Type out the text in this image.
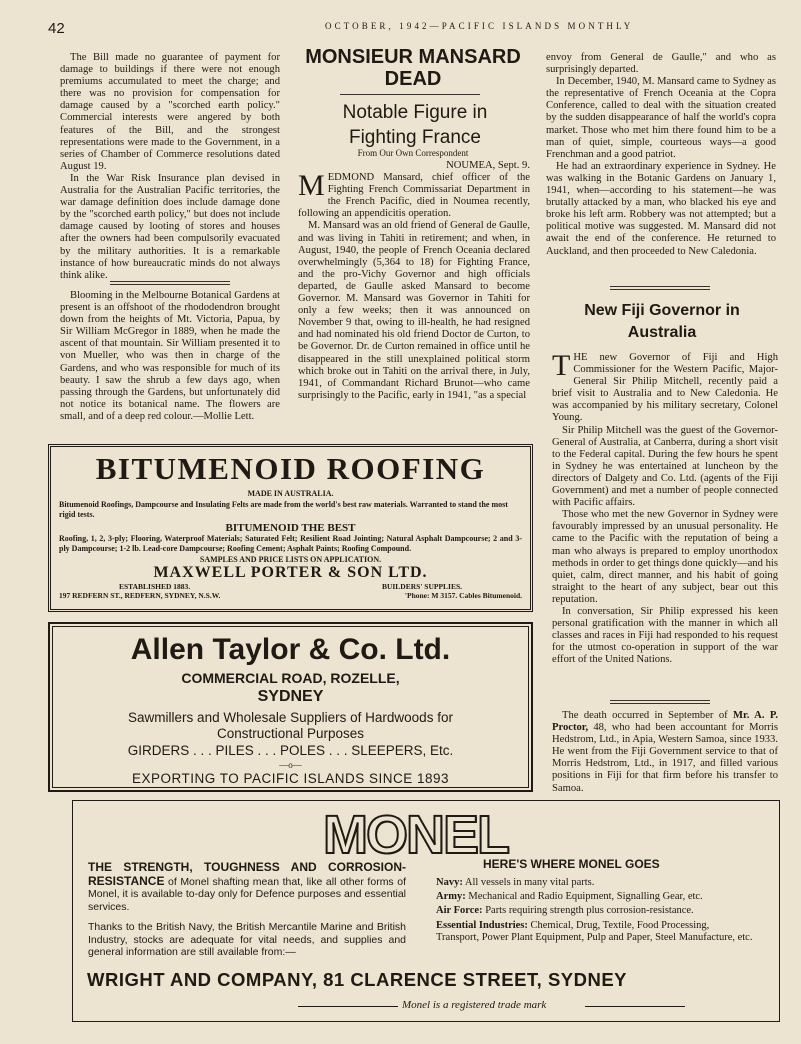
42	OCTOBER, 1942—PACIFIC ISLANDS MONTHLY

The Bill made no guarantee of payment for damage to buildings if there were not enough premiums accumulated to meet the charge; and there was no provision for compensation for damage caused by a "scorched earth policy." Commercial interests were angered by both features of the Bill, and the strongest representations were made to the Government, in a series of Chamber of Commerce resolutions dated August 19.

In the War Risk Insurance plan devised in Australia for the Australian Pacific territories, the war damage definition does include damage done by the "scorched earth policy," but does not include damage caused by looting of stores and houses after the owners had been compulsorily evacuated by the military authorities. It is a remarkable instance of how bureaucratic minds do not always think alike.

Blooming in the Melbourne Botanical Gardens at present is an offshoot of the rhododendron brought down from the heights of Mt. Victoria, Papua, by Sir William McGregor in 1889, when he made the ascent of that mountain. Sir William presented it to von Mueller, who was then in charge of the Gardens, and who was responsible for much of its beauty. I saw the shrub a few days ago, when passing through the Gardens, but unfortunately did not notice its botanical name. The flowers are small, and of a deep red colour.—Mollie Lett.

MONSIEUR MANSARD DEAD
Notable Figure in Fighting France
From Our Own Correspondent
NOUMEA, Sept. 9.

M EDMOND Mansard, chief officer of the Fighting French Commissariat Department in the French Pacific, died in Noumea recently, following an appendicitis operation.

M. Mansard was an old friend of General de Gaulle, and was living in Tahiti in retirement; and when, in August, 1940, the people of French Oceania declared overwhelmingly (5,364 to 18) for Fighting France, and the pro-Vichy Governor and high officials departed, de Gaulle asked Mansard to become Governor. M. Mansard was Governor in Tahiti for only a few weeks; then it was announced on November 9 that, owing to ill-health, he had resigned and had nominated his old friend Doctor de Curton, to be Governor. Dr. de Curton remained in office until he disappeared in the still unexplained political storm which broke out in Tahiti on the arrival there, in July, 1941, of Commandant Richard Brunot—who came surprisingly to the Pacific, early in 1941, "as a special

envoy from General de Gaulle," and who as surprisingly departed.

In December, 1940, M. Mansard came to Sydney as the representative of French Oceania at the Copra Conference, called to deal with the situation created by the sudden disappearance of half the world's copra market. Those who met him there found him to be a man of quiet, simple, courteous ways—a good Frenchman and a good patriot.

He had an extraordinary experience in Sydney. He was walking in the Botanic Gardens on January 1, 1941, when—according to his statement—he was brutally attacked by a man, who blacked his eye and broke his left arm. Robbery was not attempted; but a political motive was suggested. M. Mansard did not await the end of the conference. He returned to Auckland, and then proceeded to New Caledonia.

New Fiji Governor in Australia

T HE new Governor of Fiji and High Commissioner for the Western Pacific, Major-General Sir Philip Mitchell, recently paid a brief visit to Australia and to New Caledonia. He was accompanied by his military secretary, Colonel Young.

Sir Philip Mitchell was the guest of the Governor-General of Australia, at Canberra, during a short visit to the Federal capital. During the few hours he spent in Sydney he was entertained at luncheon by the directors of Dalgety and Co. Ltd. (agents of the Fiji Government) and met a number of people connected with Pacific affairs.

Those who met the new Governor in Sydney were favourably impressed by an unusual personality. He came to the Pacific with the reputation of being a man who always is prepared to employ unorthodox methods in order to get things done quickly—and his quiet, calm, direct manner, and his habit of going straight to the heart of any subject, bear out this reputation.

In conversation, Sir Philip expressed his keen personal gratification with the manner in which all classes and races in Fiji had responded to his request for the utmost co-operation in support of the war effort of the United Nations.

The death occurred in September of Mr. A. P. Proctor, 48, who had been accountant for Morris Hedstrom, Ltd., in Apia, Western Samoa, since 1933. He went from the Fiji Government service to that of Morris Hedstrom, Ltd., in 1917, and filled various positions in Fiji for that firm before his transfer to Samoa.

BITUMENOID ROOFING
MADE IN AUSTRALIA.
Bitumenoid Roofings, Dampcourse and Insulating Felts are made from the world's best raw materials. Warranted to stand the most rigid tests.
BITUMENOID THE BEST
Roofing, 1, 2, 3-ply; Flooring, Waterproof Materials; Saturated Felt; Resilient Road Jointing; Natural Asphalt Dampcourse; 2 and 3-ply Dampcourse; 1-2 lb. Lead-core Dampcourse; Roofing Cement; Asphalt Paints; Roofing Compound.
SAMPLES AND PRICE LISTS ON APPLICATION.
MAXWELL PORTER & SON LTD.
ESTABLISHED 1883.	BUILDERS' SUPPLIES.
197 REDFERN ST., REDFERN, SYDNEY, N.S.W.	'Phone: M 3157. Cables Bitumenoid.
Allen Taylor & Co. Ltd.
COMMERCIAL ROAD, ROZELLE,
SYDNEY
Sawmillers and Wholesale Suppliers of Hardwoods for
Constructional Purposes
GIRDERS . . . PILES . . . POLES . . . SLEEPERS, Etc.
—o—
EXPORTING TO PACIFIC ISLANDS SINCE 1893
MONEL

THE STRENGTH, TOUGHNESS AND CORROSION-RESISTANCE of Monel shafting mean that, like all other forms of Monel, it is available to-day only for Defence purposes and essential services.

Thanks to the British Navy, the British Mercantile Marine and British Industry, stocks are adequate for vital needs, and supplies and general information are still available from:—

HERE'S WHERE MONEL GOES
Navy: All vessels in many vital parts.
Army: Mechanical and Radio Equipment, Signalling Gear, etc.
Air Force: Parts requiring strength plus corrosion-resistance.
Essential Industries: Chemical, Drug, Textile, Food Processing, Transport, Power Plant Equipment, Pulp and Paper, Steel Manufacture, etc.
WRIGHT AND COMPANY, 81 CLARENCE STREET, SYDNEY
Monel is a registered trade mark
